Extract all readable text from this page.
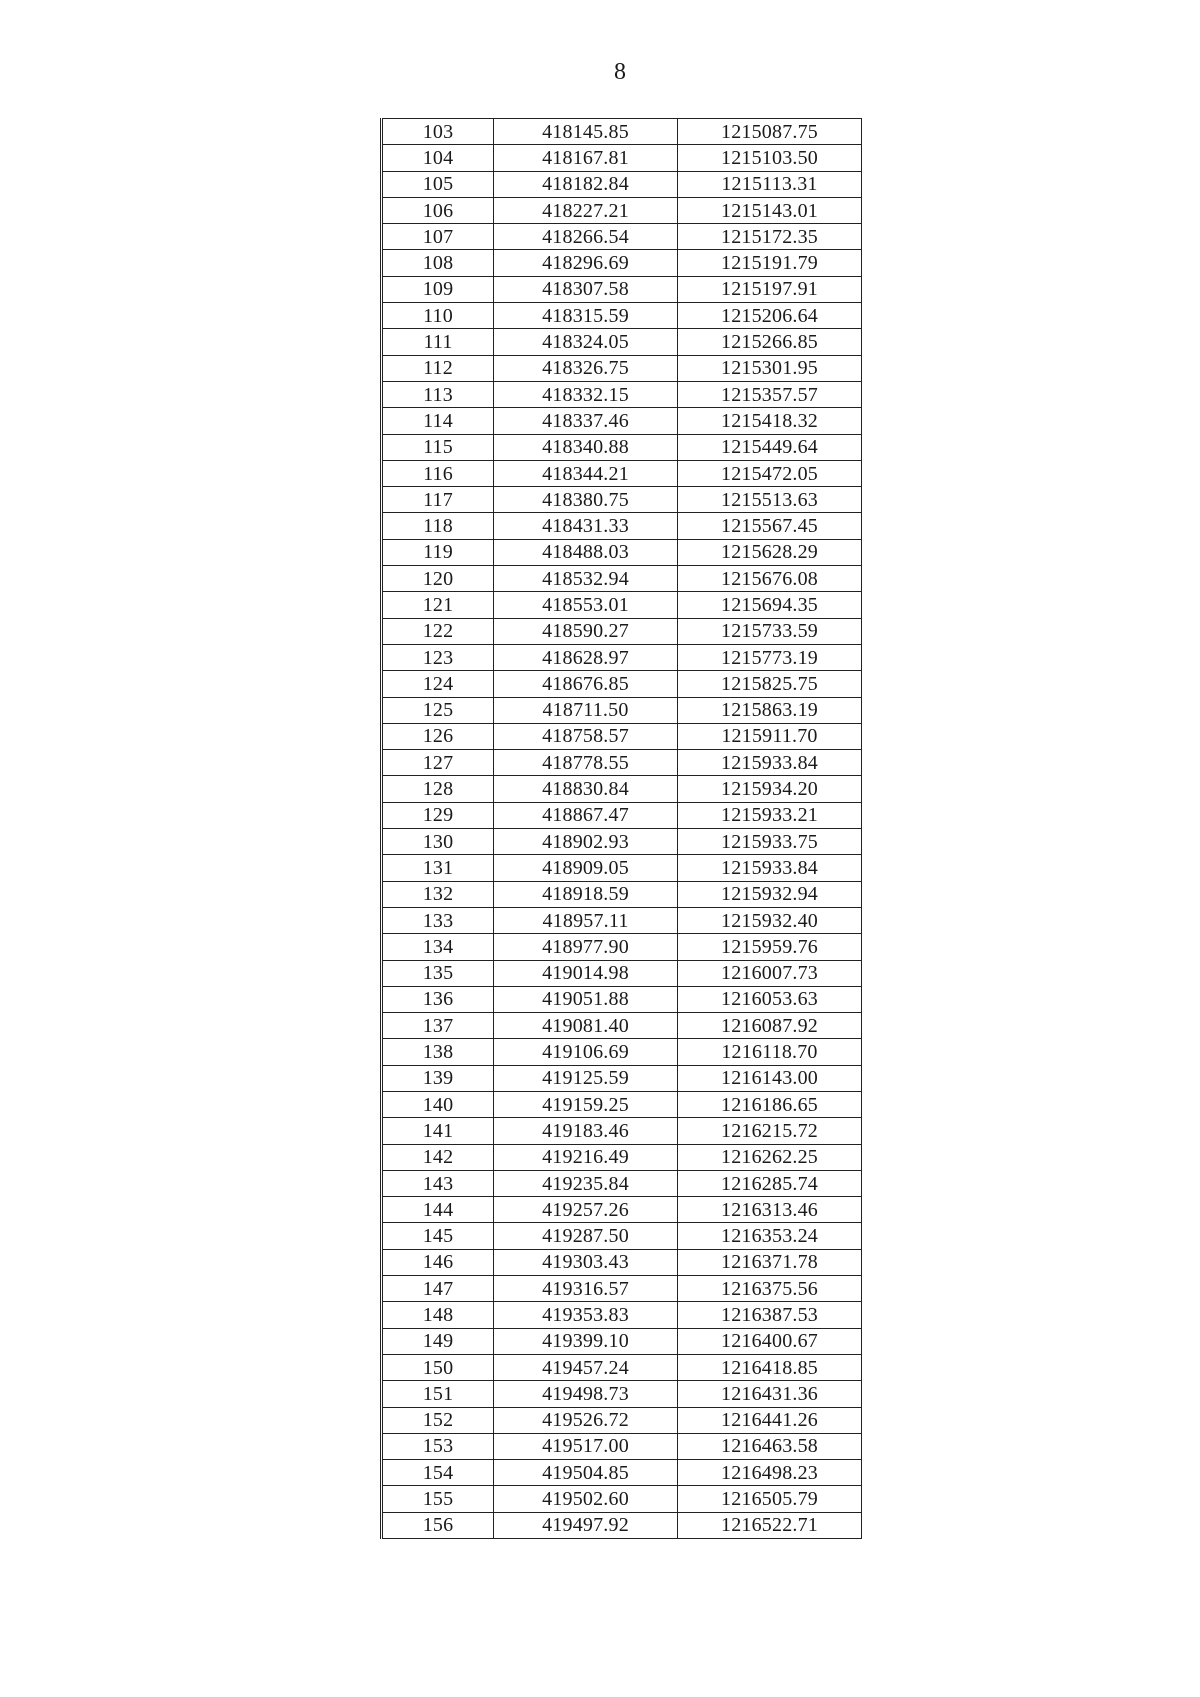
8
103	418145.85	1215087.75
104	418167.81	1215103.50
105	418182.84	1215113.31
106	418227.21	1215143.01
107	418266.54	1215172.35
108	418296.69	1215191.79
109	418307.58	1215197.91
110	418315.59	1215206.64
111	418324.05	1215266.85
112	418326.75	1215301.95
113	418332.15	1215357.57
114	418337.46	1215418.32
115	418340.88	1215449.64
116	418344.21	1215472.05
117	418380.75	1215513.63
118	418431.33	1215567.45
119	418488.03	1215628.29
120	418532.94	1215676.08
121	418553.01	1215694.35
122	418590.27	1215733.59
123	418628.97	1215773.19
124	418676.85	1215825.75
125	418711.50	1215863.19
126	418758.57	1215911.70
127	418778.55	1215933.84
128	418830.84	1215934.20
129	418867.47	1215933.21
130	418902.93	1215933.75
131	418909.05	1215933.84
132	418918.59	1215932.94
133	418957.11	1215932.40
134	418977.90	1215959.76
135	419014.98	1216007.73
136	419051.88	1216053.63
137	419081.40	1216087.92
138	419106.69	1216118.70
139	419125.59	1216143.00
140	419159.25	1216186.65
141	419183.46	1216215.72
142	419216.49	1216262.25
143	419235.84	1216285.74
144	419257.26	1216313.46
145	419287.50	1216353.24
146	419303.43	1216371.78
147	419316.57	1216375.56
148	419353.83	1216387.53
149	419399.10	1216400.67
150	419457.24	1216418.85
151	419498.73	1216431.36
152	419526.72	1216441.26
153	419517.00	1216463.58
154	419504.85	1216498.23
155	419502.60	1216505.79
156	419497.92	1216522.71
